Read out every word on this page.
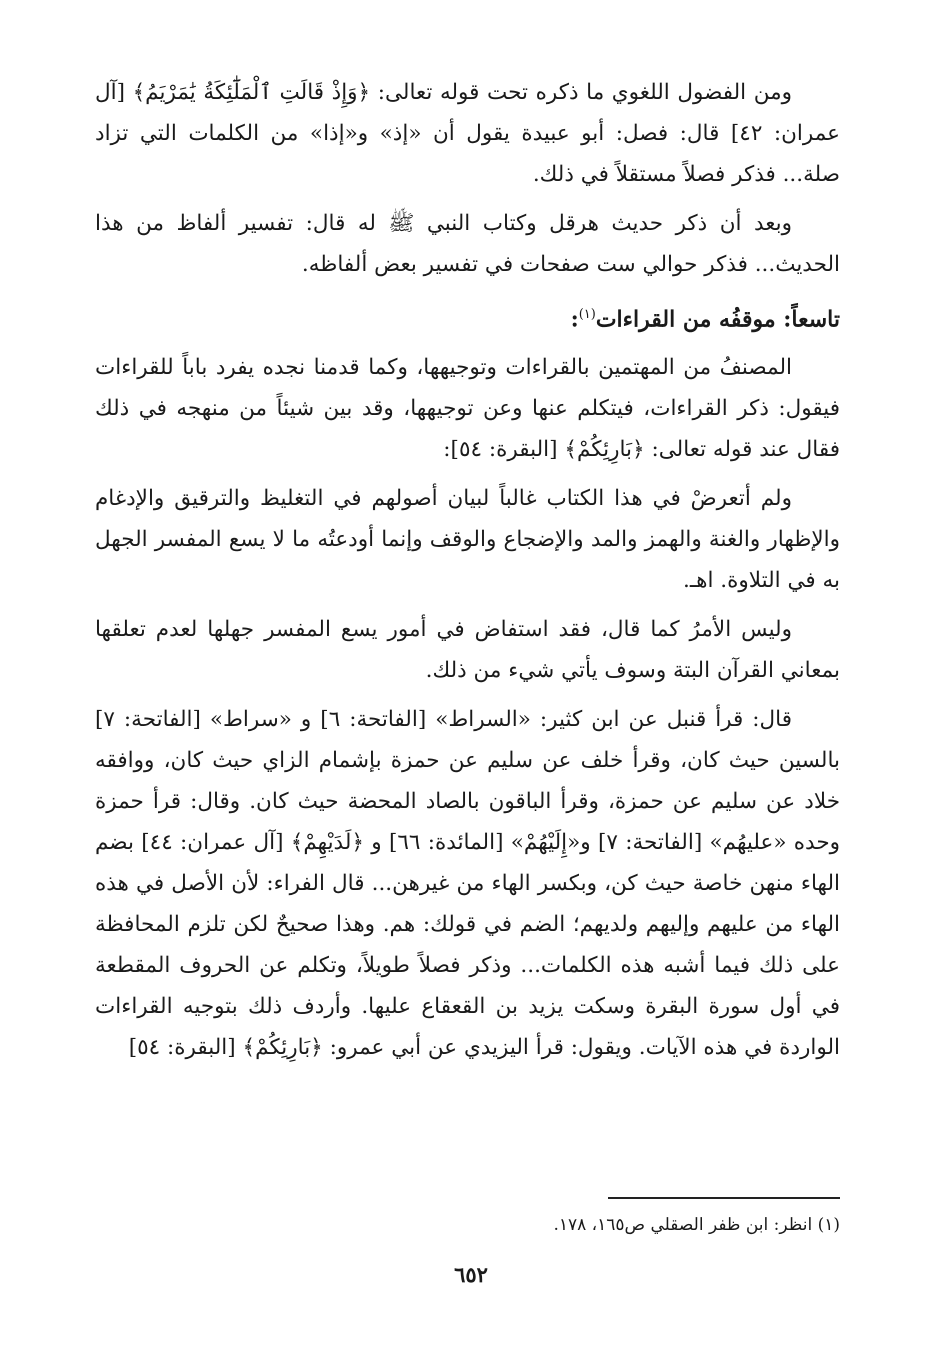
ومن الفضول اللغوي ما ذكره تحت قوله تعالى: ﴿وَإِذْ قَالَتِ ٱلْمَلَٰٓئِكَةُ يَٰمَرْيَمُ﴾ [آل عمران: ٤٢] قال: فصل: أبو عبيدة يقول أن «إذ» و«إذا» من الكلمات التي تزاد صلة... فذكر فصلاً مستقلاً في ذلك.

وبعد أن ذكر حديث هرقل وكتاب النبي ﷺ له قال: تفسير ألفاظ من هذا الحديث... فذكر حوالي ست صفحات في تفسير بعض ألفاظه.

تاسعاً: موقفُه من القراءات$^{(١)}$:

المصنفُ من المهتمين بالقراءات وتوجيهها، وكما قدمنا نجده يفرد باباً للقراءات فيقول: ذكر القراءات، فيتكلم عنها وعن توجيهها، وقد بين شيئاً من منهجه في ذلك فقال عند قوله تعالى: ﴿بَارِئِكُمْ﴾ [البقرة: ٥٤]:

ولم أتعرضْ في هذا الكتاب غالباً لبيان أصولهم في التغليظ والترقيق والإدغام والإظهار والغنة والهمز والمد والإضجاع والوقف وإنما أودعتُه ما لا يسع المفسر الجهل به في التلاوة. اهـ.

وليس الأمرُ كما قال، فقد استفاض في أمور يسع المفسر جهلها لعدم تعلقها بمعاني القرآن البتة وسوف يأتي شيء من ذلك.

قال: قرأ قنبل عن ابن كثير: «السراط» [الفاتحة: ٦] و «سراط» [الفاتحة: ٧] بالسين حيث كان، وقرأ خلف عن سليم عن حمزة بإشمام الزاي حيث كان، ووافقه خلاد عن سليم عن حمزة، وقرأ الباقون بالصاد المحضة حيث كان. وقال: قرأ حمزة وحده «عليهُم» [الفاتحة: ٧] و«إِلَيْهُمْ» [المائدة: ٦٦] و ﴿لَدَيْهِمْ﴾ [آل عمران: ٤٤] بضم الهاء منهن خاصة حيث كن، وبكسر الهاء من غيرهن... قال الفراء: لأن الأصل في هذه الهاء من عليهم وإليهم ولديهم؛ الضم في قولك: هم. وهذا صحيحٌ لكن تلزم المحافظة على ذلك فيما أشبه هذه الكلمات... وذكر فصلاً طويلاً، وتكلم عن الحروف المقطعة في أول سورة البقرة وسكت يزيد بن القعقاع عليها. وأردف ذلك بتوجيه القراءات الواردة في هذه الآيات. ويقول: قرأ اليزيدي عن أبي عمرو: ﴿بَارِئِكُمْ﴾ [البقرة: ٥٤]

(١) انظر: ابن ظفر الصقلي ص١٦٥، ١٧٨.
٦٥٢
